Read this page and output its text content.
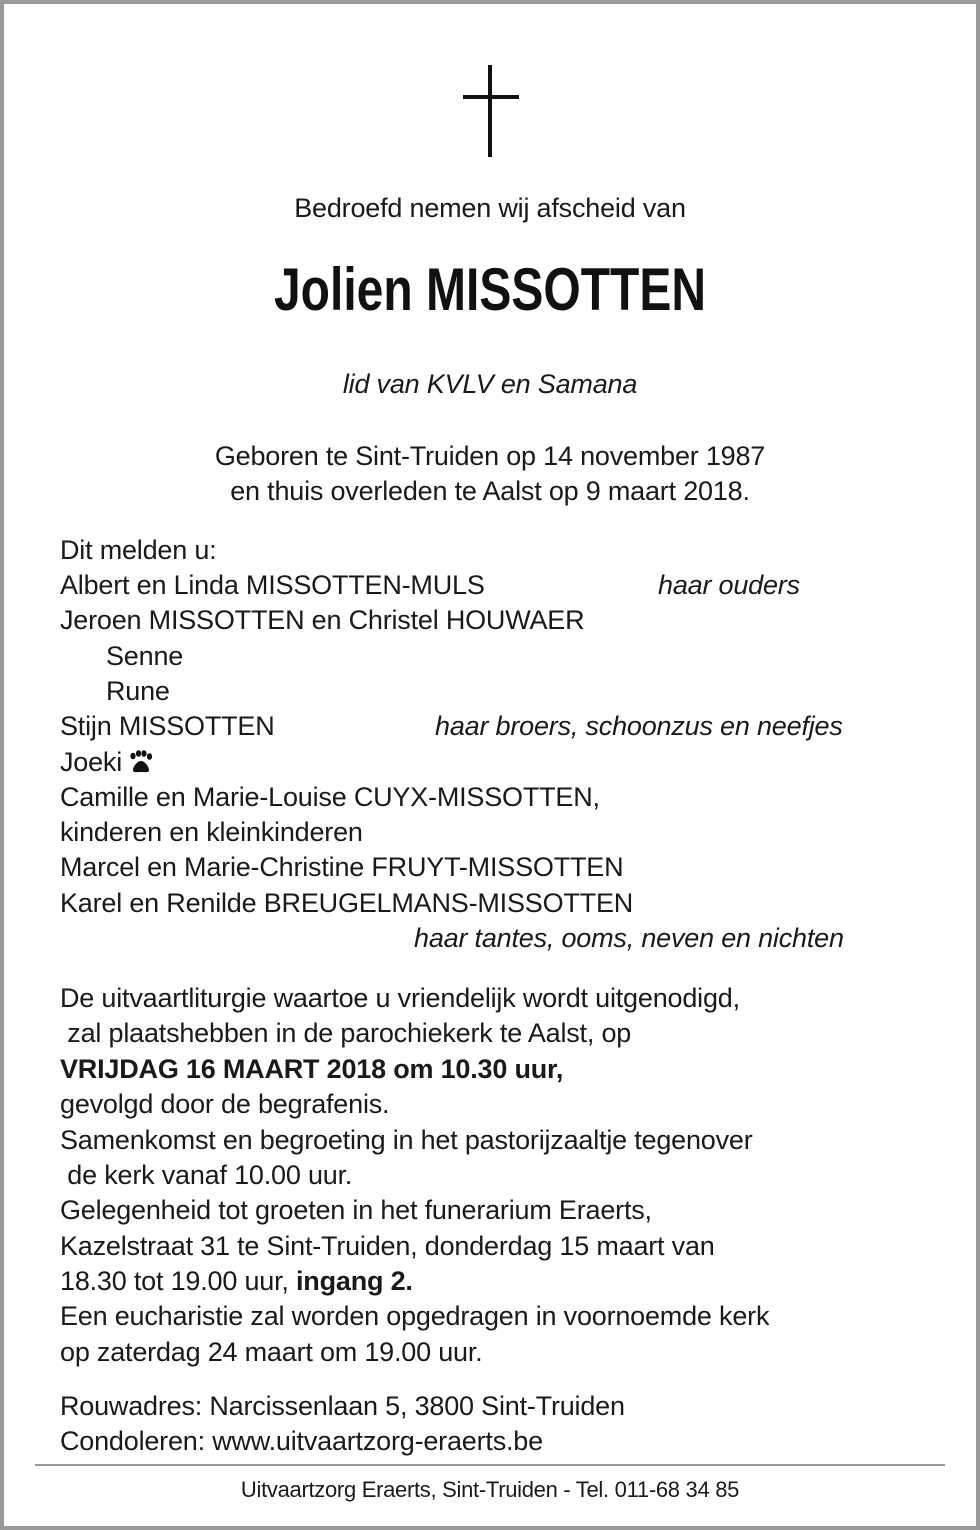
Bedroefd nemen wij afscheid van
Jolien MISSOTTEN
lid van KVLV en Samana
Geboren te Sint-Truiden op 14 november 1987
en thuis overleden te Aalst op 9 maart 2018.
Dit melden u:
Albert en Linda MISSOTTEN-MULS	haar ouders
Jeroen MISSOTTEN en Christel HOUWAER
Senne
Rune
Stijn MISSOTTEN	haar broers, schoonzus en neefjes
Joeki
Camille en Marie-Louise CUYX-MISSOTTEN,
kinderen en kleinkinderen
Marcel en Marie-Christine FRUYT-MISSOTTEN
Karel en Renilde BREUGELMANS-MISSOTTEN
haar tantes, ooms, neven en nichten
De uitvaartliturgie waartoe u vriendelijk wordt uitgenodigd,
zal plaatshebben in de parochiekerk te Aalst, op
VRIJDAG 16 MAART 2018 om 10.30 uur,
gevolgd door de begrafenis.
Samenkomst en begroeting in het pastorijzaaltje tegenover
de kerk vanaf 10.00 uur.
Gelegenheid tot groeten in het funerarium Eraerts,
Kazelstraat 31 te Sint-Truiden, donderdag 15 maart van
18.30 tot 19.00 uur, ingang 2.
Een eucharistie zal worden opgedragen in voornoemde kerk
op zaterdag 24 maart om 19.00 uur.
Rouwadres: Narcissenlaan 5, 3800 Sint-Truiden
Condoleren: www.uitvaartzorg-eraerts.be
Uitvaartzorg Eraerts, Sint-Truiden - Tel. 011-68 34 85
